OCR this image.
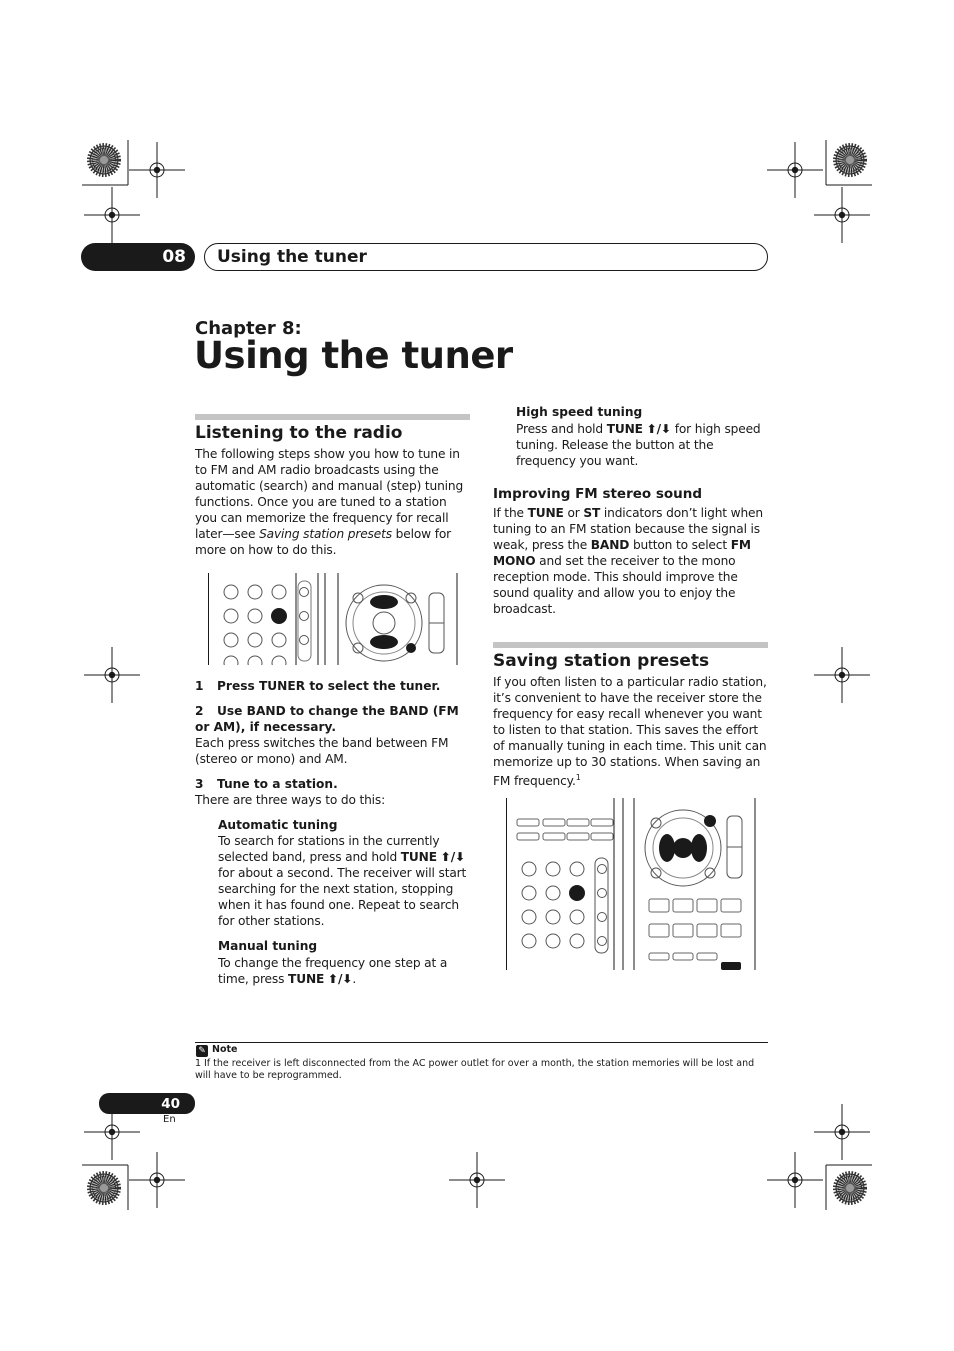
08	Using the tuner
Chapter 8:
Using the tuner
Listening to the radio
The following steps show you how to tune in to FM and AM radio broadcasts using the automatic (search) and manual (step) tuning functions. Once you are tuned to a station you can memorize the frequency for recall later—see Saving station presets below for more on how to do this.
1 Press TUNER to select the tuner.
2 Use BAND to change the BAND (FM or AM), if necessary.
Each press switches the band between FM (stereo or mono) and AM.
3 Tune to a station.
There are three ways to do this:
Automatic tuning
To search for stations in the currently selected band, press and hold TUNE ⬆/⬇ for about a second. The receiver will start searching for the next station, stopping when it has found one. Repeat to search for other stations.
Manual tuning
To change the frequency one step at a time, press TUNE ⬆/⬇.
High speed tuning
Press and hold TUNE ⬆/⬇ for high speed tuning. Release the button at the frequency you want.
Improving FM stereo sound
If the TUNE or ST indicators don’t light when tuning to an FM station because the signal is weak, press the BAND button to select FM MONO and set the receiver to the mono reception mode. This should improve the sound quality and allow you to enjoy the broadcast.
Saving station presets
If you often listen to a particular radio station, it’s convenient to have the receiver store the frequency for easy recall whenever you want to listen to that station. This saves the effort of manually tuning in each time. This unit can memorize up to 30 stations. When saving an FM frequency.$^1$
✎ Note
1 If the receiver is left disconnected from the AC power outlet for over a month, the station memories will be lost and will have to be reprogrammed.
40
En
